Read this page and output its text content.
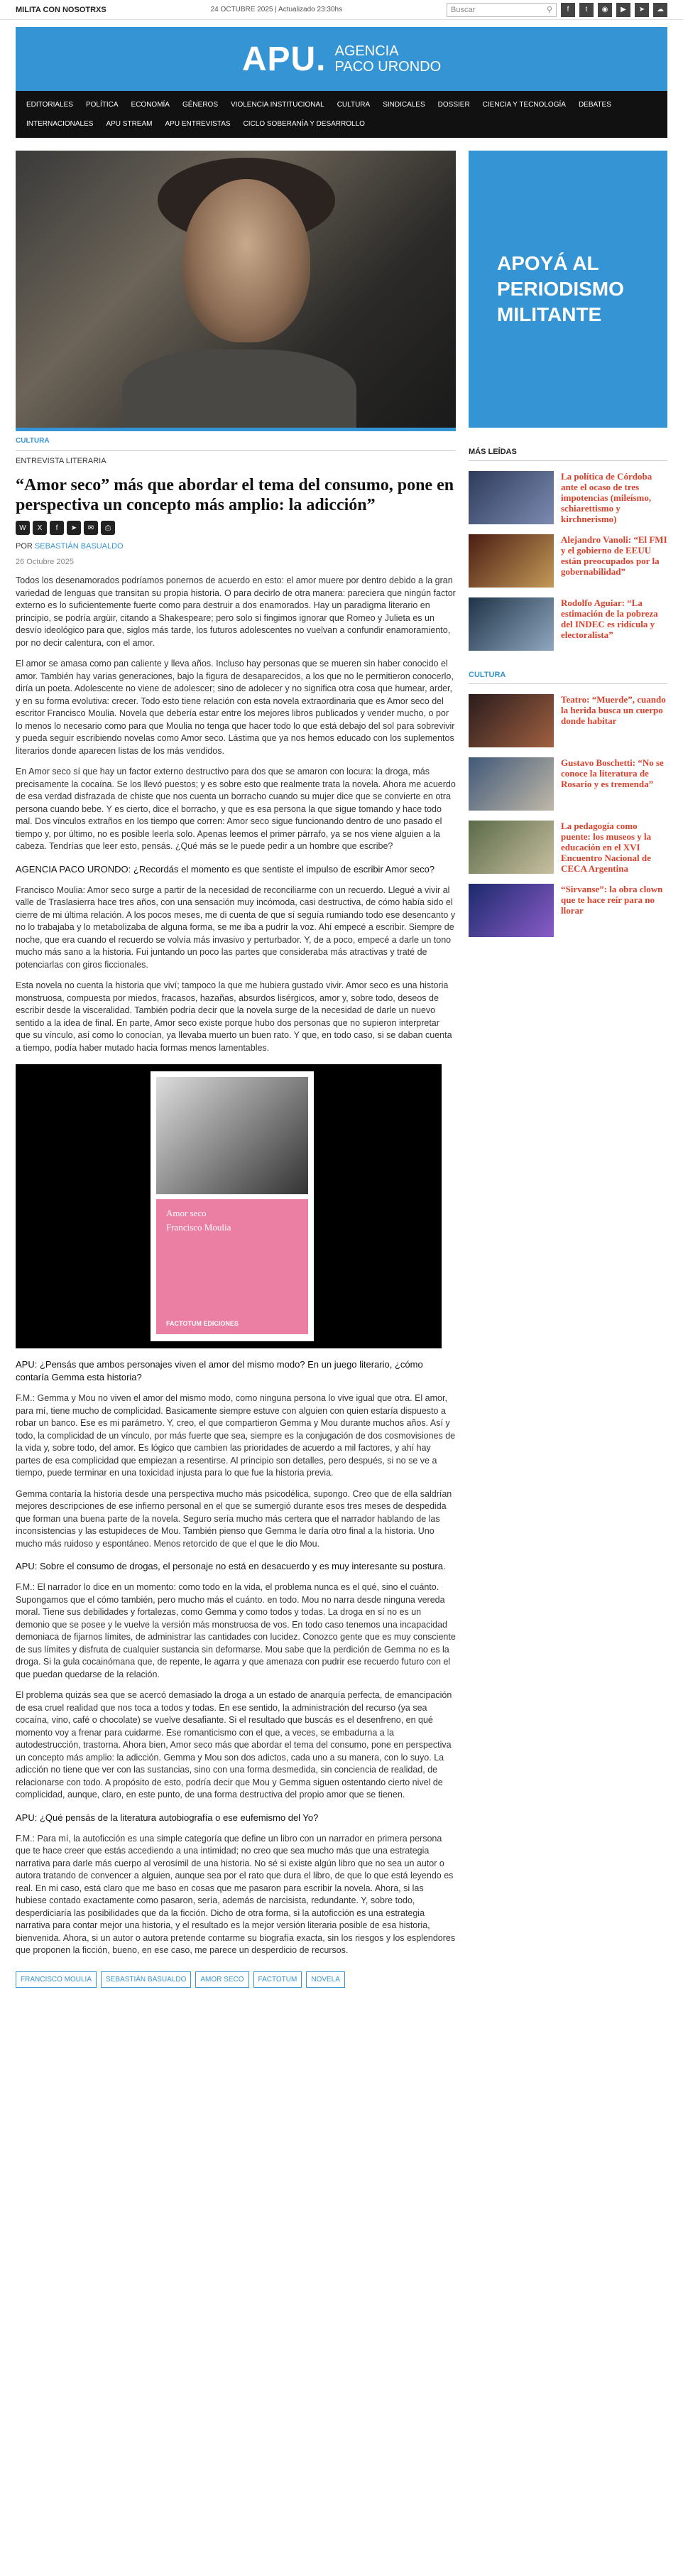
MILITA CON NOSOTRXS	24 OCTUBRE 2025 | Actualizado 23:30hs	Buscar	⚲	f	t	◉	▶	➤	☁
APU. AGENCIA
PACO URONDO
EDITORIALES	POLÍTICA	ECONOMÍA	GÉNEROS	VIOLENCIA INSTITUCIONAL	CULTURA	SINDICALES	DOSSIER	CIENCIA Y TECNOLOGÍA	DEBATES
INTERNACIONALES	APU STREAM	APU ENTREVISTAS	CICLO SOBERANÍA Y DESARROLLO
CULTURA
ENTREVISTA LITERARIA
“Amor seco” más que abordar el tema del consumo, pone en perspectiva un concepto más amplio: la adicción”
W	X	f	➤	✉	⎙
POR SEBASTIÁN BASUALDO
26 Octubre 2025

Todos los desenamorados podríamos ponernos de acuerdo en esto: el amor muere por dentro debido a la gran variedad de lenguas que transitan su propia historia. O para decirlo de otra manera: pareciera que ningún factor externo es lo suficientemente fuerte como para destruir a dos enamorados. Hay un paradigma literario en principio, se podría argüir, citando a Shakespeare; pero solo si fingimos ignorar que Romeo y Julieta es un desvío ideológico para que, siglos más tarde, los futuros adolescentes no vuelvan a confundir enamoramiento, por no decir calentura, con el amor.

El amor se amasa como pan caliente y lleva años. Incluso hay personas que se mueren sin haber conocido el amor. También hay varias generaciones, bajo la figura de desaparecidos, a los que no le permitieron conocerlo, diría un poeta. Adolescente no viene de adolescer; sino de adolecer y no significa otra cosa que humear, arder, y en su forma evolutiva: crecer. Todo esto tiene relación con esta novela extraordinaria que es Amor seco del escritor Francisco Moulia. Novela que debería estar entre los mejores libros publicados y vender mucho, o por lo menos lo necesario como para que Moulia no tenga que hacer todo lo que está debajo del sol para sobrevivir y pueda seguir escribiendo novelas como Amor seco. Lástima que ya nos hemos educado con los suplementos literarios donde aparecen listas de los más vendidos.

En Amor seco sí que hay un factor externo destructivo para dos que se amaron con locura: la droga, más precisamente la cocaína. Se los llevó puestos; y es sobre esto que realmente trata la novela. Ahora me acuerdo de esa verdad disfrazada de chiste que nos cuenta un borracho cuando su mujer dice que se convierte en otra persona cuando bebe. Y es cierto, dice el borracho, y que es esa persona la que sigue tomando y hace todo mal. Dos vínculos extraños en los tiempo que corren: Amor seco sigue funcionando dentro de uno pasado el tiempo y, por último, no es posible leerla solo. Apenas leemos el primer párrafo, ya se nos viene alguien a la cabeza. Tendrías que leer esto, pensás. ¿Qué más se le puede pedir a un hombre que escribe?

AGENCIA PACO URONDO: ¿Recordás el momento es que sentiste el impulso de escribir Amor seco?

Francisco Moulia: Amor seco surge a partir de la necesidad de reconciliarme con un recuerdo. Llegué a vivir al valle de Traslasierra hace tres años, con una sensación muy incómoda, casi destructiva, de cómo había sido el cierre de mi última relación. A los pocos meses, me di cuenta de que sí seguía rumiando todo ese desencanto y no lo trabajaba y lo metabolizaba de alguna forma, se me iba a pudrir la voz. Ahí empecé a escribir. Siempre de noche, que era cuando el recuerdo se volvía más invasivo y perturbador. Y, de a poco, empecé a darle un tono mucho más sano a la historia. Fui juntando un poco las partes que consideraba más atractivas y traté de potenciarlas con giros ficcionales.

Esta novela no cuenta la historia que viví; tampoco la que me hubiera gustado vivir. Amor seco es una historia monstruosa, compuesta por miedos, fracasos, hazañas, absurdos lisérgicos, amor y, sobre todo, deseos de escribir desde la visceralidad. También podría decir que la novela surge de la necesidad de darle un nuevo sentido a la idea de final. En parte, Amor seco existe porque hubo dos personas que no supieron interpretar que su vínculo, así como lo conocían, ya llevaba muerto un buen rato. Y que, en todo caso, si se daban cuenta a tiempo, podía haber mutado hacia formas menos lamentables.

Amor seco
Francisco Moulia
FACTOTUM EDICIONES

APU: ¿Pensás que ambos personajes viven el amor del mismo modo? En un juego literario, ¿cómo contaría Gemma esta historia?

F.M.: Gemma y Mou no viven el amor del mismo modo, como ninguna persona lo vive igual que otra. El amor, para mí, tiene mucho de complicidad. Basicamente siempre estuve con alguien con quien estaría dispuesto a robar un banco. Ese es mi parámetro. Y, creo, el que compartieron Gemma y Mou durante muchos años. Así y todo, la complicidad de un vínculo, por más fuerte que sea, siempre es la conjugación de dos cosmovisiones de la vida y, sobre todo, del amor. Es lógico que cambien las prioridades de acuerdo a mil factores, y ahí hay partes de esa complicidad que empiezan a resentirse. Al principio son detalles, pero después, si no se ve a tiempo, puede terminar en una toxicidad injusta para lo que fue la historia previa.

Gemma contaría la historia desde una perspectiva mucho más psicodélica, supongo. Creo que de ella saldrían mejores descripciones de ese infierno personal en el que se sumergió durante esos tres meses de despedida que forman una buena parte de la novela. Seguro sería mucho más certera que el narrador hablando de las inconsistencias y las estupideces de Mou. También pienso que Gemma le daría otro final a la historia. Uno mucho más ruidoso y espontáneo. Menos retorcido de que el que le dio Mou.

APU: Sobre el consumo de drogas, el personaje no está en desacuerdo y es muy interesante su postura.

F.M.: El narrador lo dice en un momento: como todo en la vida, el problema nunca es el qué, sino el cuánto. Supongamos que el cómo también, pero mucho más el cuánto. en todo. Mou no narra desde ninguna vereda moral. Tiene sus debilidades y fortalezas, como Gemma y como todos y todas. La droga en sí no es un demonio que se posee y le vuelve la versión más monstruosa de vos. En todo caso tenemos una incapacidad demoniaca de fijarnos límites, de administrar las cantidades con lucidez. Conozco gente que es muy consciente de sus límites y disfruta de cualquier sustancia sin deformarse. Mou sabe que la perdición de Gemma no es la droga. Si la gula cocainómana que, de repente, le agarra y que amenaza con pudrir ese recuerdo futuro con el que puedan quedarse de la relación.

El problema quizás sea que se acercó demasiado la droga a un estado de anarquía perfecta, de emancipación de esa cruel realidad que nos toca a todos y todas. En ese sentido, la administración del recurso (ya sea cocaína, vino, café o chocolate) se vuelve desafiante. Si el resultado que buscás es el desenfreno, en qué momento voy a frenar para cuidarme. Ese romanticismo con el que, a veces, se embadurna a la autodestrucción, trastorna. Ahora bien, Amor seco más que abordar el tema del consumo, pone en perspectiva un concepto más amplio: la adicción. Gemma y Mou son dos adictos, cada uno a su manera, con lo suyo. La adicción no tiene que ver con las sustancias, sino con una forma desmedida, sin conciencia de realidad, de relacionarse con todo. A propósito de esto, podría decir que Mou y Gemma siguen ostentando cierto nivel de complicidad, aunque, claro, en este punto, de una forma destructiva del propio amor que se tienen.

APU: ¿Qué pensás de la literatura autobiografía o ese eufemismo del Yo?

F.M.: Para mí, la autoficción es una simple categoría que define un libro con un narrador en primera persona que te hace creer que estás accediendo a una intimidad; no creo que sea mucho más que una estrategia narrativa para darle más cuerpo al verosímil de una historia. No sé si existe algún libro que no sea un autor o autora tratando de convencer a alguien, aunque sea por el rato que dura el libro, de que lo que está leyendo es real. En mi caso, está claro que me baso en cosas que me pasaron para escribir la novela. Ahora, si las hubiese contado exactamente como pasaron, sería, además de narcisista, redundante. Y, sobre todo, desperdiciaría las posibilidades que da la ficción. Dicho de otra forma, si la autoficción es una estrategia narrativa para contar mejor una historia, y el resultado es la mejor versión literaria posible de esa historia, bienvenida. Ahora, si un autor o autora pretende contarme su biografía exacta, sin los riesgos y los esplendores que proponen la ficción, bueno, en ese caso, me parece un desperdicio de recursos.

FRANCISCO MOULIA	SEBASTIÁN BASUALDO	AMOR SECO	FACTOTUM	NOVELA
APOYÁ AL PERIODISMO MILITANTE
MÁS LEÍDAS
La política de Córdoba ante el ocaso de tres impotencias (mileísmo, schiarettismo y kirchnerismo)
Alejandro Vanoli: “El FMI y el gobierno de EEUU están preocupados por la gobernabilidad”
Rodolfo Aguiar: “La estimación de la pobreza del INDEC es ridícula y electoralista”
CULTURA
Teatro: “Muerde”, cuando la herida busca un cuerpo donde habitar
Gustavo Boschetti: “No se conoce la literatura de Rosario y es tremenda”
La pedagogía como puente: los museos y la educación en el XVI Encuentro Nacional de CECA Argentina
“Sirvanse”: la obra clown que te hace reír para no llorar
